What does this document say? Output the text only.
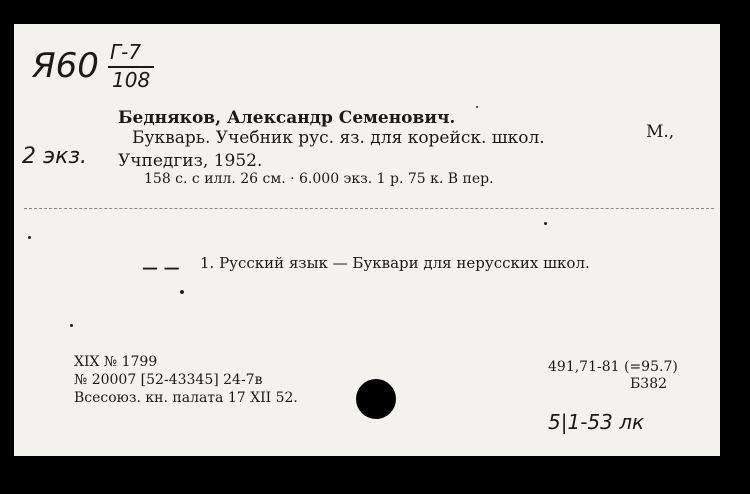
Я60 Г-7
108
2 экз.
Бедняков, Александр Семенович.
Букварь. Учебник рус. яз. для корейск. школ.	М.,
Учпедгиз, 1952.
158 с. с илл. 26 см. · 6.000 экз. 1 р. 75 к. В пер.
— — 1. Русский язык — Буквари для нерусских школ.
XIX № 1799
№ 20007 [52-43345] 24-7в
Всесоюз. кн. палата 17 XII 52.
491,71-81 (=95.7)
Б382
5|1-53 лк
